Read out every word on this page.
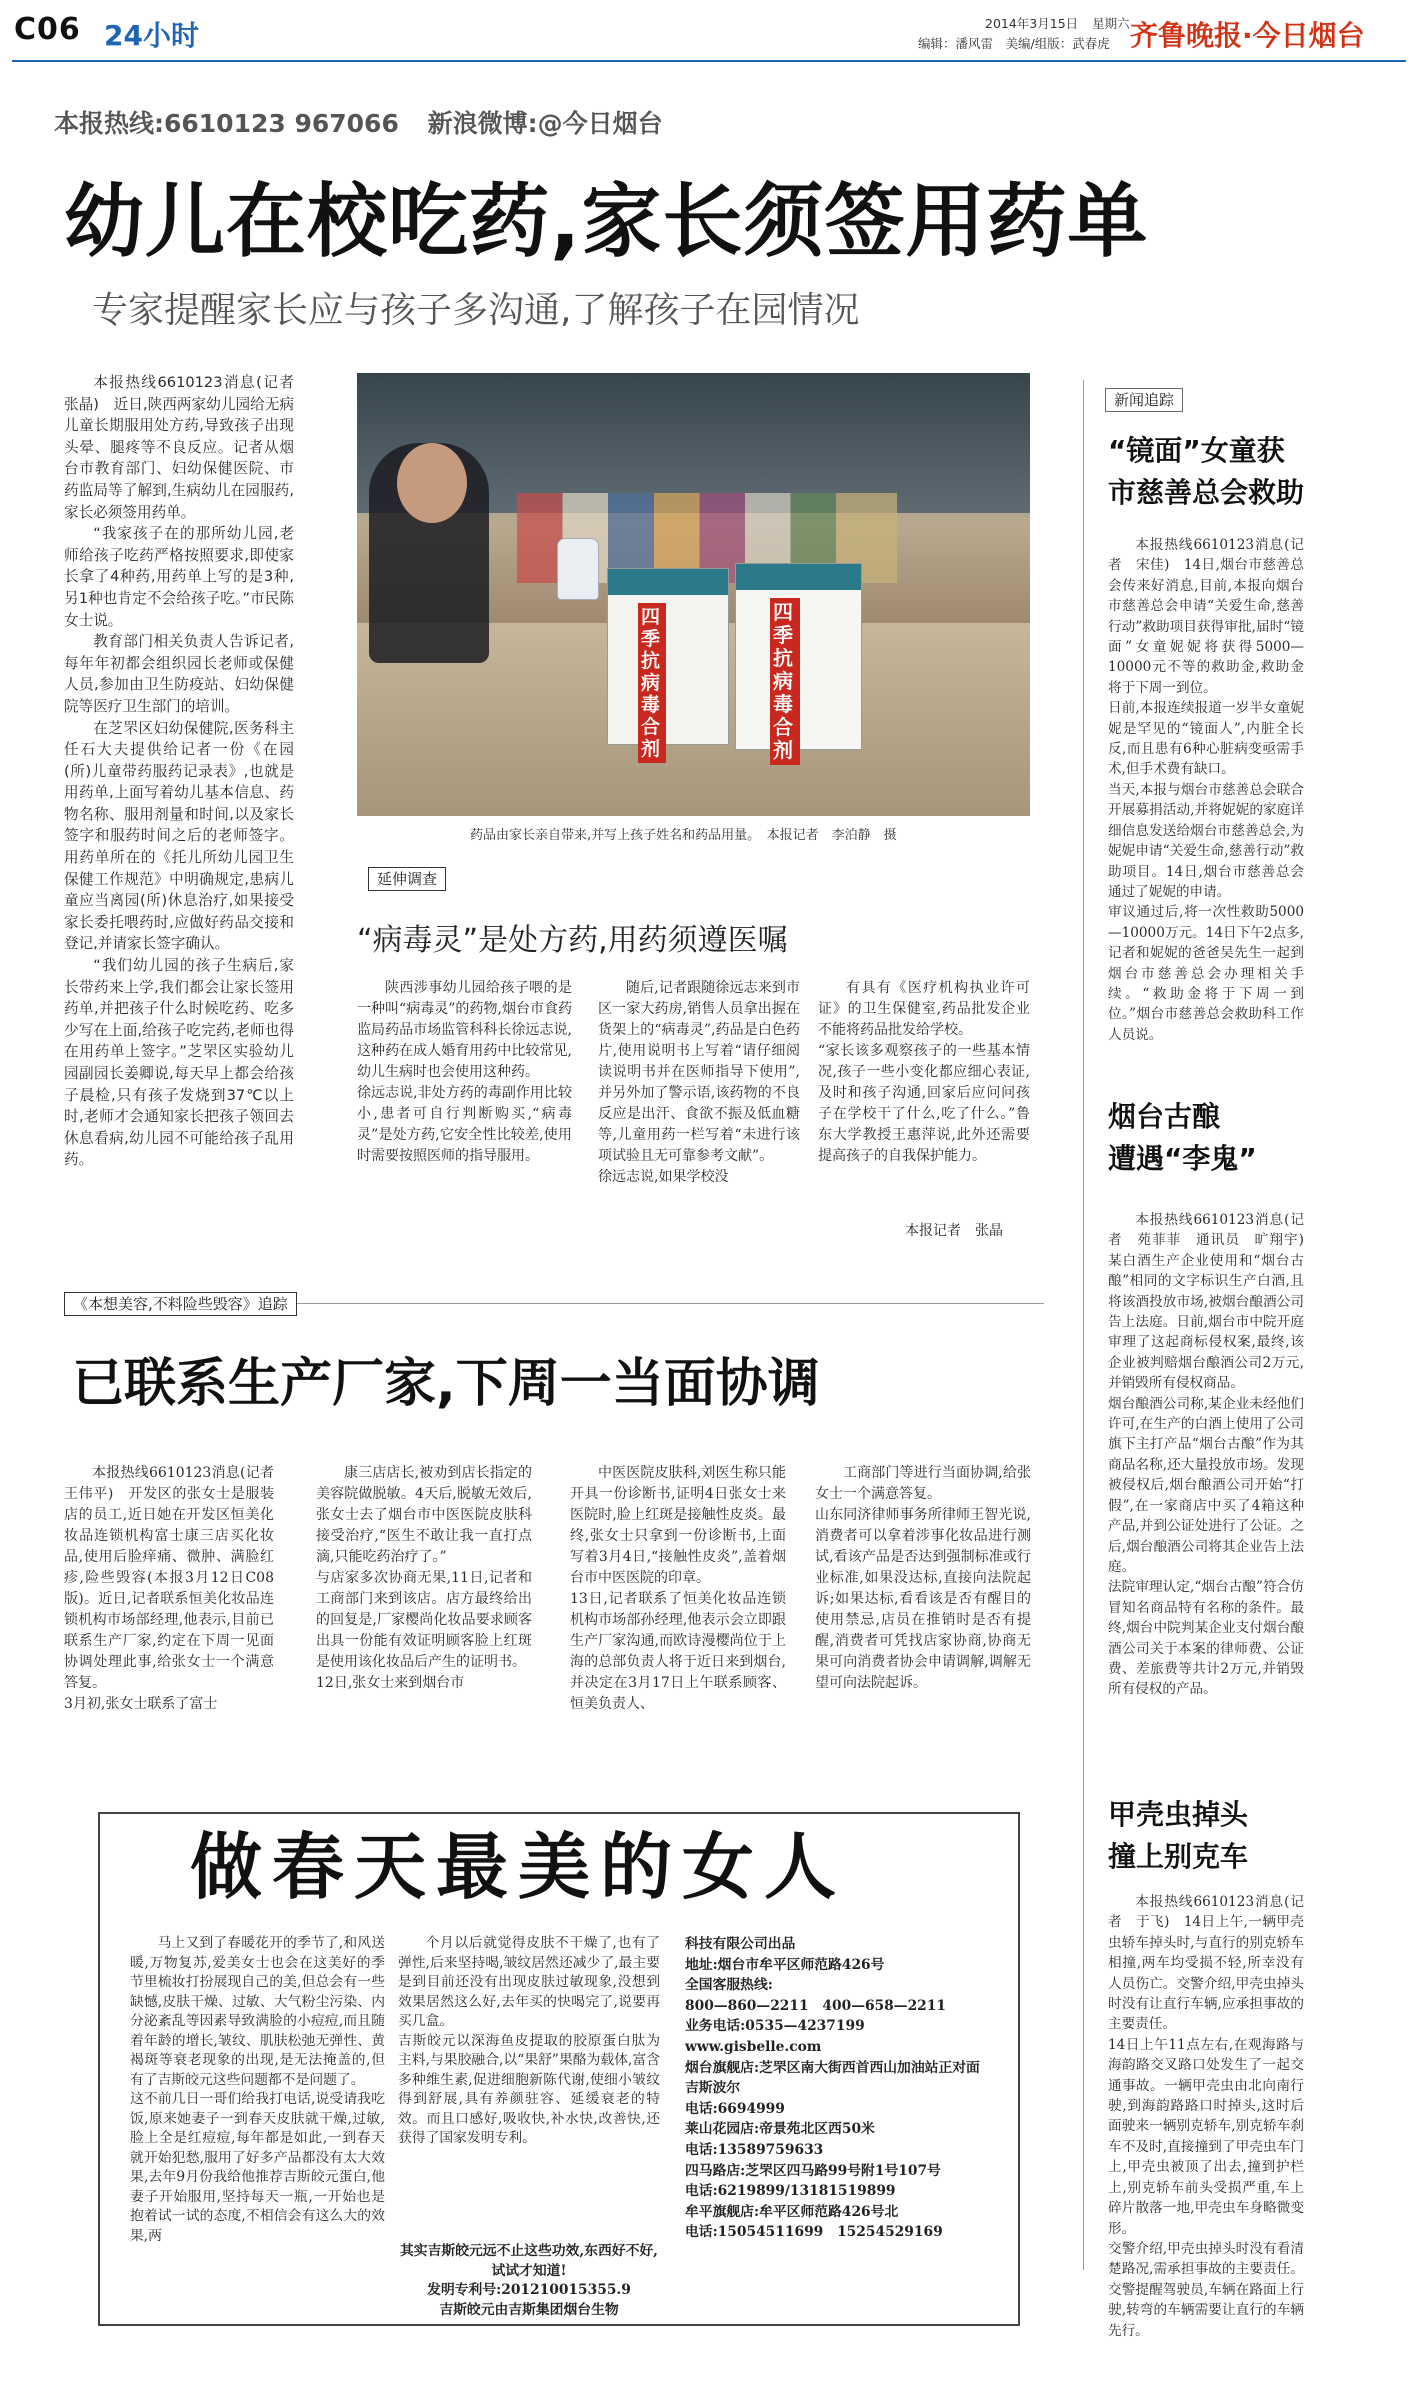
C06 24小时	2014年3月15日 星期六
编辑：潘风雷　美编/组版：武春虎 齐鲁晚报·今日烟台
本报热线:6610123 967066 新浪微博:@今日烟台
幼儿在校吃药,家长须签用药单
专家提醒家长应与孩子多沟通,了解孩子在园情况

本报热线6610123消息(记者　张晶)　近日,陕西两家幼儿园给无病儿童长期服用处方药,导致孩子出现头晕、腿疼等不良反应。记者从烟台市教育部门、妇幼保健医院、市药监局等了解到,生病幼儿在园服药,家长必须签用药单。

“我家孩子在的那所幼儿园,老师给孩子吃药严格按照要求,即使家长拿了4种药,用药单上写的是3种,另1种也肯定不会给孩子吃。”市民陈女士说。

教育部门相关负责人告诉记者,每年年初都会组织园长老师或保健人员,参加由卫生防疫站、妇幼保健院等医疗卫生部门的培训。

在芝罘区妇幼保健院,医务科主任石大夫提供给记者一份《在园(所)儿童带药服药记录表》,也就是用药单,上面写着幼儿基本信息、药物名称、服用剂量和时间,以及家长签字和服药时间之后的老师签字。用药单所在的《托儿所幼儿园卫生保健工作规范》中明确规定,患病儿童应当离园(所)休息治疗,如果接受家长委托喂药时,应做好药品交接和登记,并请家长签字确认。

“我们幼儿园的孩子生病后,家长带药来上学,我们都会让家长签用药单,并把孩子什么时候吃药、吃多少写在上面,给孩子吃完药,老师也得在用药单上签字。”芝罘区实验幼儿园副园长姜卿说,每天早上都会给孩子晨检,只有孩子发烧到37℃以上时,老师才会通知家长把孩子领回去休息看病,幼儿园不可能给孩子乱用药。

四季抗病毒合剂
四季抗病毒合剂
药品由家长亲自带来,并写上孩子姓名和药品用量。　本报记者　李泊静　摄
延伸调查
“病毒灵”是处方药,用药须遵医嘱
陕西涉事幼儿园给孩子喂的是一种叫“病毒灵”的药物,烟台市食药监局药品市场监管科科长徐远志说,这种药在成人婚育用药中比较常见,幼儿生病时也会使用这种药。
徐远志说,非处方药的毒副作用比较小,患者可自行判断购买,“病毒灵”是处方药,它安全性比较差,使用时需要按照医师的指导服用。
随后,记者跟随徐远志来到市区一家大药房,销售人员拿出握在货架上的“病毒灵”,药品是白色药片,使用说明书上写着“请仔细阅读说明书并在医师指导下使用”,并另外加了警示语,该药物的不良反应是出汗、食欲不振及低血糖等,儿童用药一栏写着“未进行该项试验且无可靠参考文献”。
徐远志说,如果学校没
有具有《医疗机构执业许可证》的卫生保健室,药品批发企业不能将药品批发给学校。
“家长该多观察孩子的一些基本情况,孩子一些小变化都应细心表证,及时和孩子沟通,回家后应问问孩子在学校干了什么,吃了什么。”鲁东大学教授王惠萍说,此外还需要提高孩子的自我保护能力。
本报记者　张晶
新闻追踪
“镜面”女童获
市慈善总会救助
本报热线6610123消息(记者　宋佳)　14日,烟台市慈善总会传来好消息,目前,本报向烟台市慈善总会申请“关爱生命,慈善行动”救助项目获得审批,届时“镜面”女童妮妮将获得5000—10000元不等的救助金,救助金将于下周一到位。
日前,本报连续报道一岁半女童妮妮是罕见的“镜面人”,内脏全长反,而且患有6种心脏病变亟需手术,但手术费有缺口。
当天,本报与烟台市慈善总会联合开展募捐活动,并将妮妮的家庭详细信息发送给烟台市慈善总会,为妮妮申请“关爱生命,慈善行动”救助项目。14日,烟台市慈善总会通过了妮妮的申请。
审议通过后,将一次性救助5000—10000万元。14日下午2点多,记者和妮妮的爸爸吴先生一起到烟台市慈善总会办理相关手续。“救助金将于下周一到位。”烟台市慈善总会救助科工作人员说。
烟台古酿
遭遇“李鬼”
本报热线6610123消息(记者　苑菲菲　通讯员　旷翔宇)　某白酒生产企业使用和“烟台古酿”相同的文字标识生产白酒,且将该酒投放市场,被烟台酿酒公司告上法庭。日前,烟台市中院开庭审理了这起商标侵权案,最终,该企业被判赔烟台酿酒公司2万元,并销毁所有侵权商品。
烟台酿酒公司称,某企业未经他们许可,在生产的白酒上使用了公司旗下主打产品“烟台古酿”作为其商品名称,还大量投放市场。发现被侵权后,烟台酿酒公司开始“打假”,在一家商店中买了4箱这种产品,并到公证处进行了公证。之后,烟台酿酒公司将其企业告上法庭。
法院审理认定,“烟台古酿”符合仿冒知名商品特有名称的条件。最终,烟台中院判某企业支付烟台酿酒公司关于本案的律师费、公证费、差旅费等共计2万元,并销毁所有侵权的产品。
甲壳虫掉头
撞上别克车
本报热线6610123消息(记者　于飞)　14日上午,一辆甲壳虫轿车掉头时,与直行的别克轿车相撞,两车均受损不轻,所幸没有人员伤亡。交警介绍,甲壳虫掉头时没有让直行车辆,应承担事故的主要责任。
14日上午11点左右,在观海路与海韵路交叉路口处发生了一起交通事故。一辆甲壳虫由北向南行驶,到海韵路路口时掉头,这时后面驶来一辆别克轿车,别克轿车刹车不及时,直接撞到了甲壳虫车门上,甲壳虫被顶了出去,撞到护栏上,别克轿车前头受损严重,车上碎片散落一地,甲壳虫车身略微变形。
交警介绍,甲壳虫掉头时没有看清楚路况,需承担事故的主要责任。交警提醒驾驶员,车辆在路面上行驶,转弯的车辆需要让直行的车辆先行。
《本想美容,不料险些毁容》追踪
已联系生产厂家,下周一当面协调
本报热线6610123消息(记者　王伟平)　开发区的张女士是服装店的员工,近日她在开发区恒美化妆品连锁机构富士康三店买化妆品,使用后脸痒痛、微肿、满脸红疹,险些毁容(本报3月12日C08版)。近日,记者联系恒美化妆品连锁机构市场部经理,他表示,目前已联系生产厂家,约定在下周一见面协调处理此事,给张女士一个满意答复。
3月初,张女士联系了富士
康三店店长,被劝到店长指定的美容院做脱敏。4天后,脱敏无效后,张女士去了烟台市中医医院皮肤科接受治疗,“医生不敢让我一直打点滴,只能吃药治疗了。”
与店家多次协商无果,11日,记者和工商部门来到该店。店方最终给出的回复是,厂家樱尚化妆品要求顾客出具一份能有效证明顾客脸上红斑是使用该化妆品后产生的证明书。
12日,张女士来到烟台市
中医医院皮肤科,刘医生称只能开具一份诊断书,证明4日张女士来医院时,脸上红斑是接触性皮炎。最终,张女士只拿到一份诊断书,上面写着3月4日,“接触性皮炎”,盖着烟台市中医医院的印章。
13日,记者联系了恒美化妆品连锁机构市场部孙经理,他表示会立即跟生产厂家沟通,而欧诗漫樱尚位于上海的总部负责人将于近日来到烟台,并决定在3月17日上午联系顾客、恒美负责人、
工商部门等进行当面协调,给张女士一个满意答复。
山东同济律师事务所律师王智光说,消费者可以拿着涉事化妆品进行测试,看该产品是否达到强制标准或行业标准,如果没达标,直接向法院起诉;如果达标,看看该是否有醒目的使用禁忌,店员在推销时是否有提醒,消费者可凭找店家协商,协商无果可向消费者协会申请调解,调解无望可向法院起诉。
做春天最美的女人
马上又到了春暖花开的季节了,和风送暖,万物复苏,爱美女士也会在这美好的季节里梳妆打扮展现自己的美,但总会有一些缺憾,皮肤干燥、过敏、大气粉尘污染、内分泌紊乱等因素导致满脸的小痘痘,而且随着年龄的增长,皱纹、肌肤松弛无弹性、黄褐斑等衰老现象的出现,是无法掩盖的,但有了吉斯皎元这些问题都不是问题了。
这不前几日一哥们给我打电话,说受请我吃饭,原来她妻子一到春天皮肤就干燥,过敏,脸上全是红痘痘,每年都是如此,一到春天就开始犯愁,服用了好多产品都没有太大效果,去年9月份我给他推荐吉斯皎元蛋白,他妻子开始服用,坚持每天一瓶,一开始也是抱着试一试的态度,不相信会有这么大的效果,两
个月以后就觉得皮肤不干燥了,也有了弹性,后来坚持喝,皱纹居然还减少了,最主要是到目前还没有出现皮肤过敏现象,没想到效果居然这么好,去年买的快喝完了,说要再买几盒。
吉斯皎元以深海鱼皮提取的胶原蛋白肽为主料,与果胶融合,以“果舒”果酪为载体,富含多种维生素,促进细胞新陈代谢,使细小皱纹得到舒展,具有养颜驻容、延缓衰老的特效。而且口感好,吸收快,补水快,改善快,还获得了国家发明专利。
其实吉斯皎元远不止这些功效,东西好不好,试试才知道!
发明专利号:201210015355.9
吉斯皎元由吉斯集团烟台生物
科技有限公司出品
地址:烟台市牟平区师范路426号
全国客服热线:
800—860—2211　400—658—2211
业务电话:0535—4237199
www.gisbelle.com
烟台旗舰店:芝罘区南大街西首西山加油站正对面吉斯波尔
电话:6694999
莱山花园店:帝景苑北区西50米
电话:13589759633
四马路店:芝罘区四马路99号附1号107号
电话:6219899/13181519899
牟平旗舰店:牟平区师范路426号北
电话:15054511699　15254529169
